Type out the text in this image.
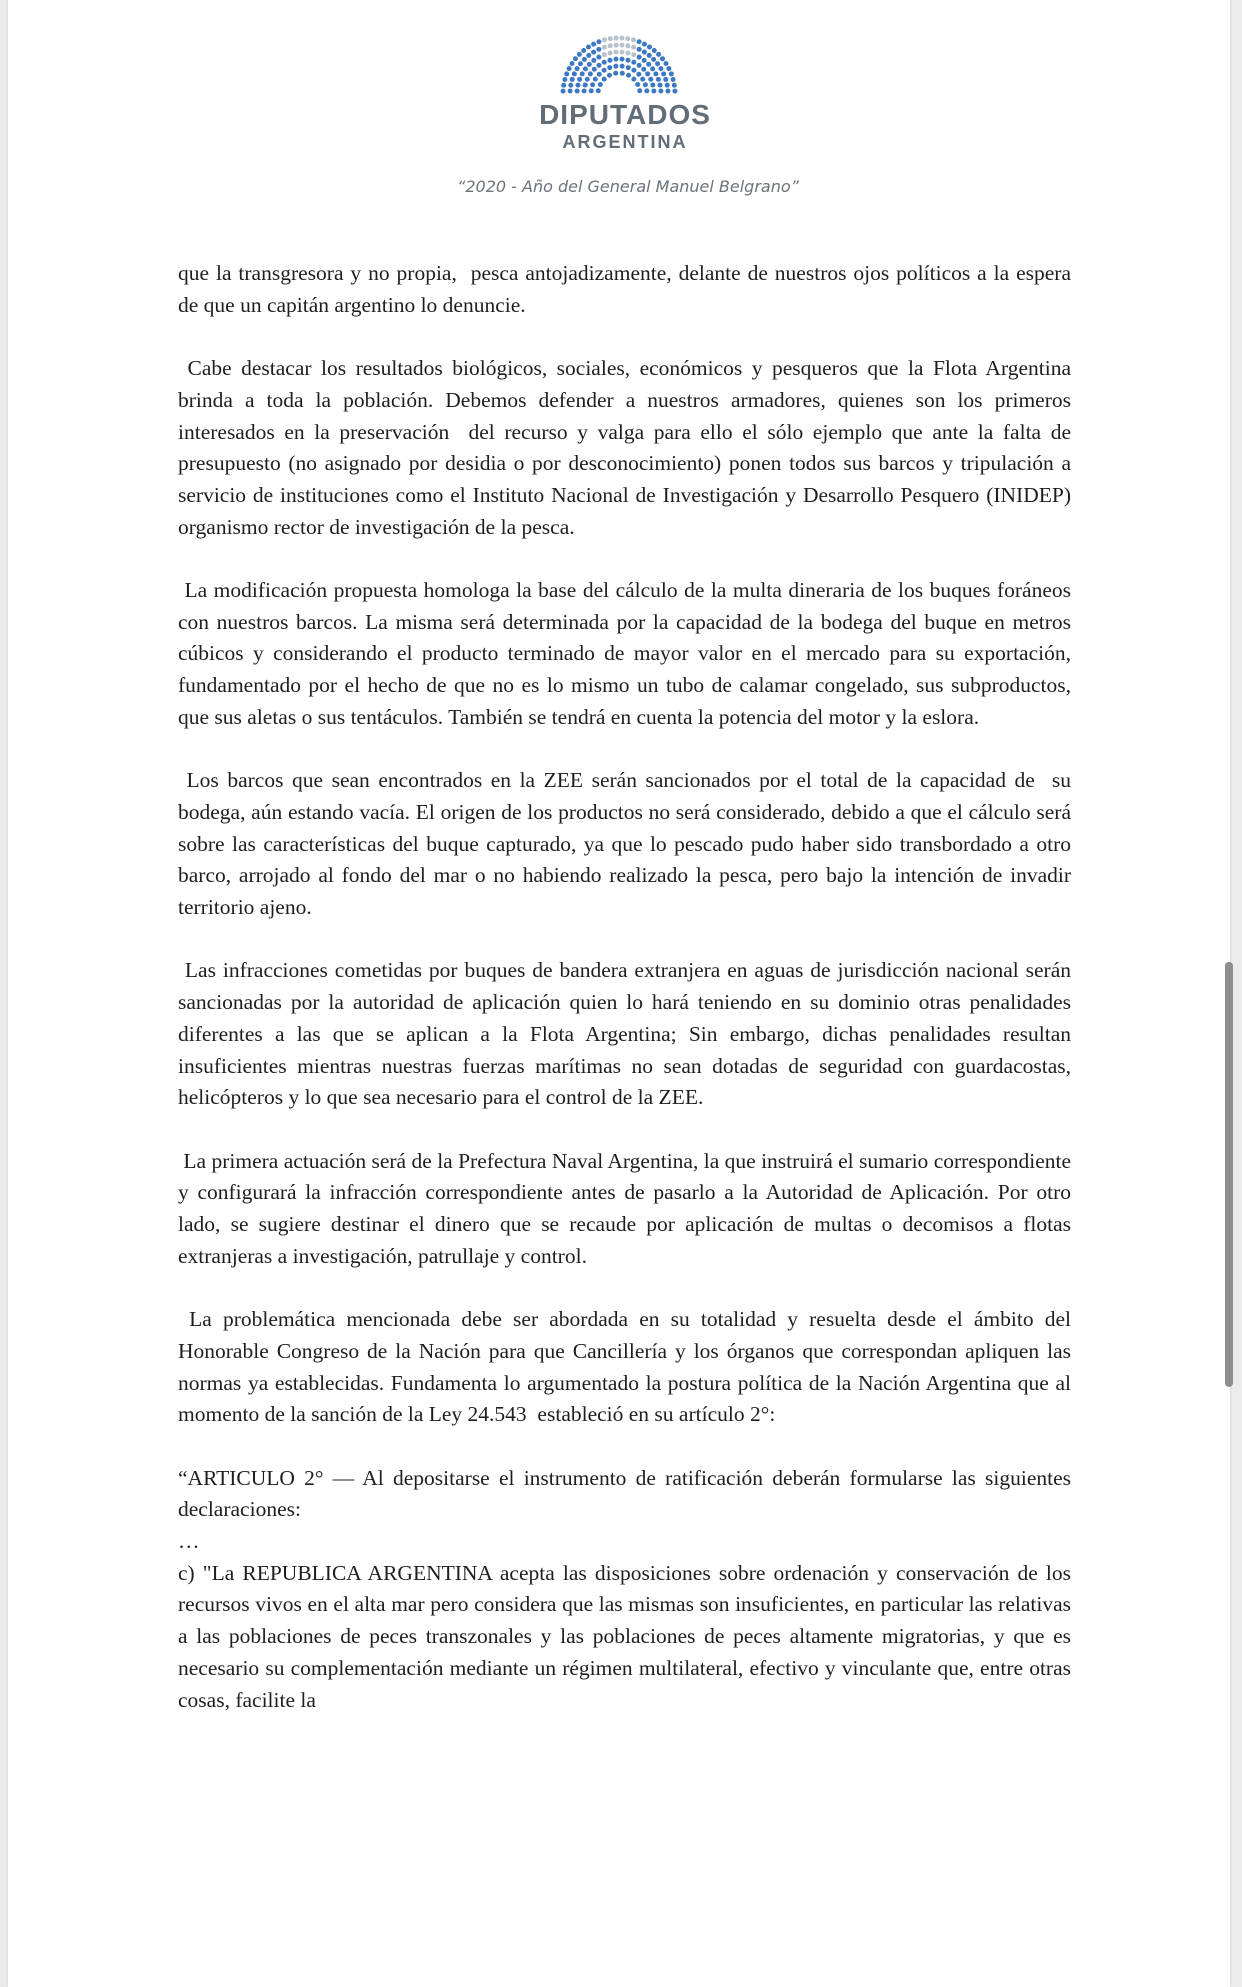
DIPUTADOS
ARGENTINA
“2020 - Año del General Manuel Belgrano”

que la transgresora y no propia,  pesca antojadizamente, delante de nuestros ojos políticos a la espera de que un capitán argentino lo denuncie.

Cabe destacar los resultados biológicos, sociales, económicos y pesqueros que la Flota Argentina brinda a toda la población. Debemos defender a nuestros armadores, quienes son los primeros interesados en la preservación  del recurso y valga para ello el sólo ejemplo que ante la falta de presupuesto (no asignado por desidia o por desconocimiento) ponen todos sus barcos y tripulación a servicio de instituciones como el Instituto Nacional de Investigación y Desarrollo Pesquero (INIDEP) organismo rector de investigación de la pesca.

La modificación propuesta homologa la base del cálculo de la multa dineraria de los buques foráneos con nuestros barcos. La misma será determinada por la capacidad de la bodega del buque en metros cúbicos y considerando el producto terminado de mayor valor en el mercado para su exportación, fundamentado por el hecho de que no es lo mismo un tubo de calamar congelado, sus subproductos, que sus aletas o sus tentáculos. También se tendrá en cuenta la potencia del motor y la eslora.

Los barcos que sean encontrados en la ZEE serán sancionados por el total de la capacidad de  su bodega, aún estando vacía. El origen de los productos no será considerado, debido a que el cálculo será sobre las características del buque capturado, ya que lo pescado pudo haber sido transbordado a otro barco, arrojado al fondo del mar o no habiendo realizado la pesca, pero bajo la intención de invadir territorio ajeno.

Las infracciones cometidas por buques de bandera extranjera en aguas de jurisdicción nacional serán sancionadas por la autoridad de aplicación quien lo hará teniendo en su dominio otras penalidades diferentes a las que se aplican a la Flota Argentina; Sin embargo, dichas penalidades resultan insuficientes mientras nuestras fuerzas marítimas no sean dotadas de seguridad con guardacostas, helicópteros y lo que sea necesario para el control de la ZEE.

La primera actuación será de la Prefectura Naval Argentina, la que instruirá el sumario correspondiente y configurará la infracción correspondiente antes de pasarlo a la Autoridad de Aplicación. Por otro lado, se sugiere destinar el dinero que se recaude por aplicación de multas o decomisos a flotas extranjeras a investigación, patrullaje y control.

La problemática mencionada debe ser abordada en su totalidad y resuelta desde el ámbito del Honorable Congreso de la Nación para que Cancillería y los órganos que correspondan apliquen las normas ya establecidas. Fundamenta lo argumentado la postura política de la Nación Argentina que al momento de la sanción de la Ley 24.543  estableció en su artículo 2°:

“ARTICULO 2° — Al depositarse el instrumento de ratificación deberán formularse las siguientes declaraciones:

…

c) "La REPUBLICA ARGENTINA acepta las disposiciones sobre ordenación y conservación de los recursos vivos en el alta mar pero considera que las mismas son insuficientes, en particular las relativas a las poblaciones de peces transzonales y las poblaciones de peces altamente migratorias, y que es necesario su complementación mediante un régimen multilateral, efectivo y vinculante que, entre otras cosas, facilite la
